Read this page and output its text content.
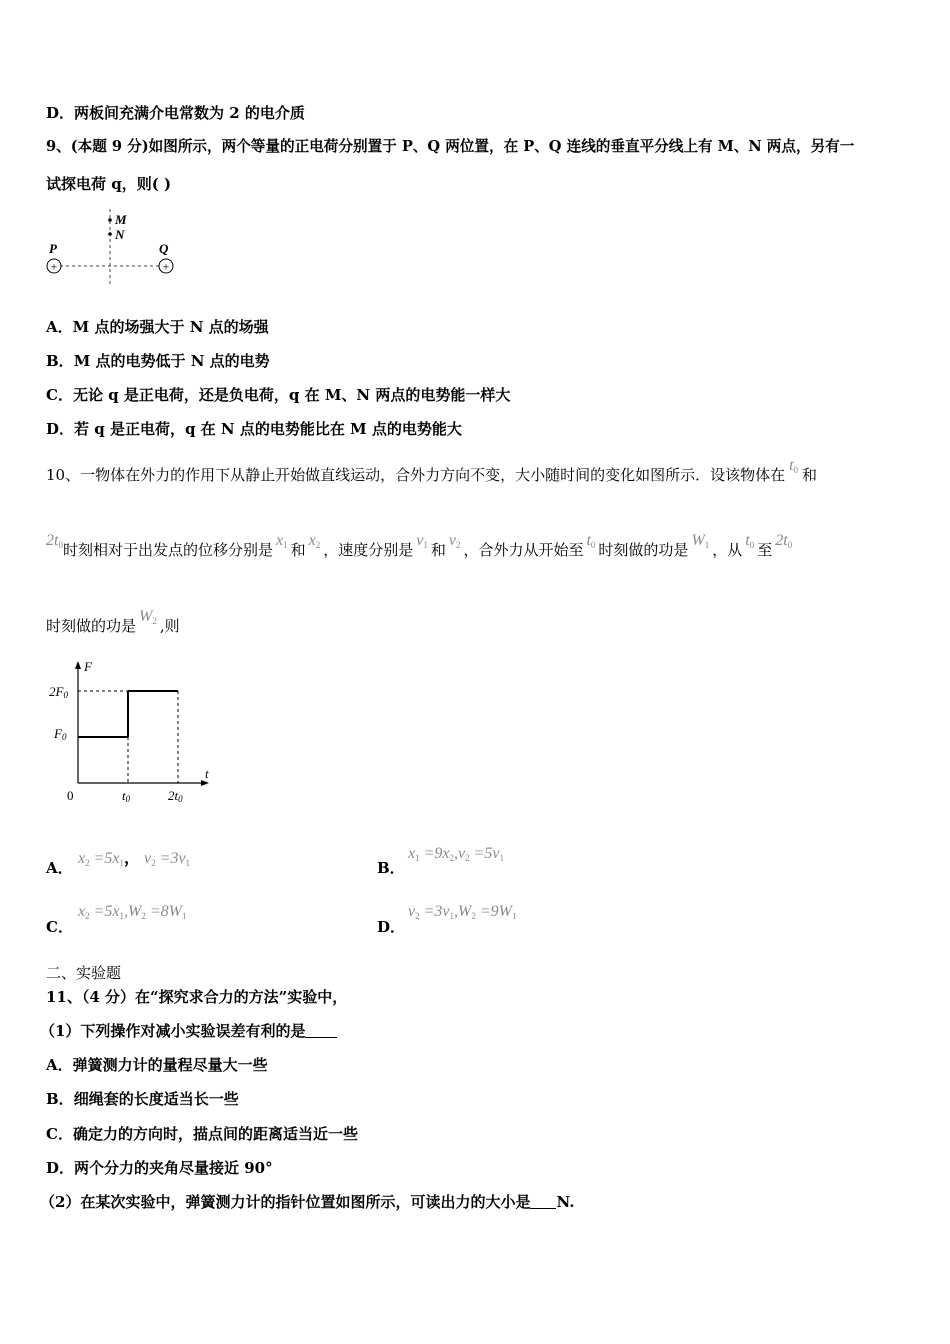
D．两板间充满介电常数为 2 的电介质
9、(本题 9 分)如图所示，两个等量的正电荷分别置于 P、Q 两位置，在 P、Q 连线的垂直平分线上有 M、N 两点，另有一
试探电荷 q，则( )
M
N
P	Q
+	+
A．M 点的场强大于 N 点的场强
B．M 点的电势低于 N 点的电势
C．无论 q 是正电荷，还是负电荷，q 在 M、N 两点的电势能一样大
D．若 q 是正电荷，q 在 N 点的电势能比在 M 点的电势能大
10、一物体在外力的作用下从静止开始做直线运动，合外力方向不变，大小随时间的变化如图所示．设该物体在$t_0$ 和
$2t_0$时刻相对于出发点的位移分别是$x_1$ 和$x_2$ ，速度分别是$v_1$ 和$v_2$ ，合外力从开始至$t_0$ 时刻做的功是$W_1$ ，从$t_0$ 至$2t_0$
时刻做的功是$W_2$ ,则
F
t
0
2F0
F0
t0	2t0
A．
$x_2 =5x_1$， $v_2 =3v_1$	B．
$x_1 =9x_2,v_2 =5v_1$
C．
$x_2 =5x_1,W_2 =8W_1$
D．
$v_2 =3v_1,W_2 =9W_1$
二、实验题
11、（4 分）在“探究求合力的方法”实验中，
（1）下列操作对减小实验误差有利的是
A．弹簧测力计的量程尽量大一些
B．细绳套的长度适当长一些
C．确定力的方向时，描点间的距离适当近一些
D．两个分力的夹角尽量接近 90°
（2）在某次实验中，弹簧测力计的指针位置如图所示，可读出力的大小是 N.
